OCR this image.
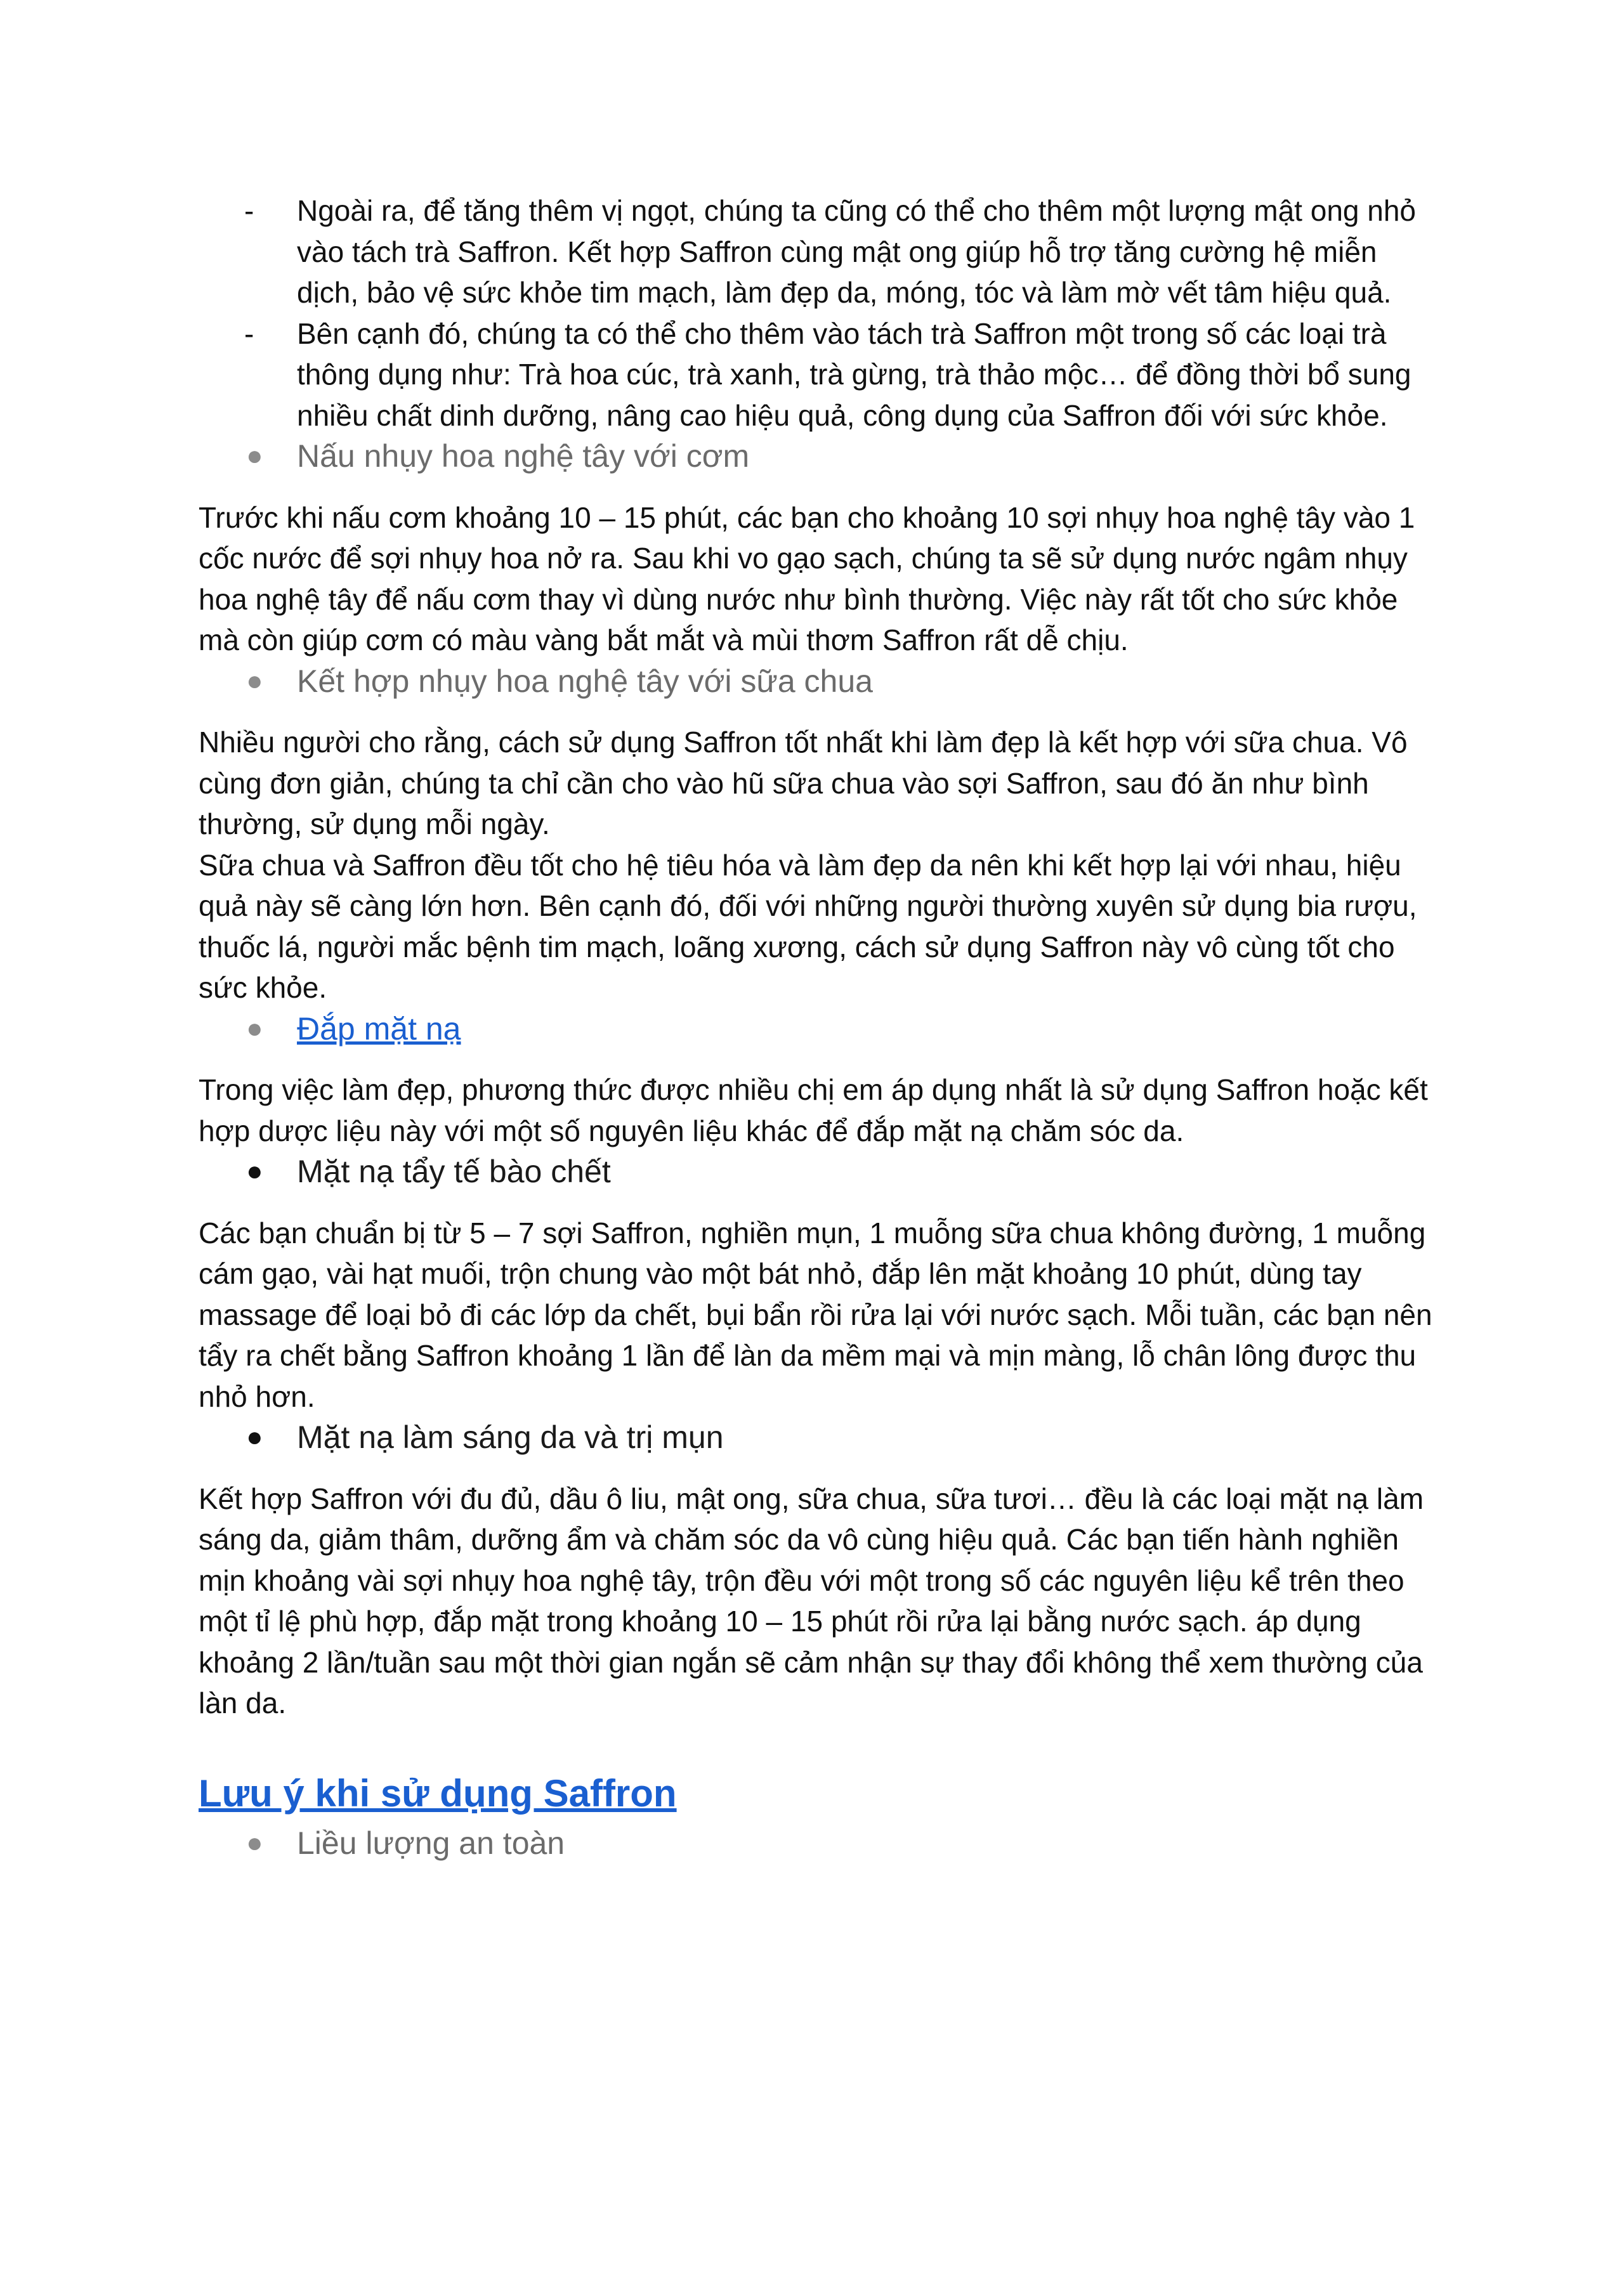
- Ngoài ra, để tăng thêm vị ngọt, chúng ta cũng có thể cho thêm một lượng mật ong nhỏ vào tách trà Saffron. Kết hợp Saffron cùng mật ong giúp hỗ trợ tăng cường hệ miễn dịch, bảo vệ sức khỏe tim mạch, làm đẹp da, móng, tóc và làm mờ vết tâm hiệu quả.
- Bên cạnh đó, chúng ta có thể cho thêm vào tách trà Saffron một trong số các loại trà thông dụng như: Trà hoa cúc, trà xanh, trà gừng, trà thảo mộc… để đồng thời bổ sung nhiều chất dinh dưỡng, nâng cao hiệu quả, công dụng của Saffron đối với sức khỏe.
● Nấu nhụy hoa nghệ tây với cơm
Trước khi nấu cơm khoảng 10 – 15 phút, các bạn cho khoảng 10 sợi nhụy hoa nghệ tây vào 1 cốc nước để sợi nhụy hoa nở ra. Sau khi vo gạo sạch, chúng ta sẽ sử dụng nước ngâm nhụy hoa nghệ tây để nấu cơm thay vì dùng nước như bình thường. Việc này rất tốt cho sức khỏe mà còn giúp cơm có màu vàng bắt mắt và mùi thơm Saffron rất dễ chịu.
● Kết hợp nhụy hoa nghệ tây với sữa chua
Nhiều người cho rằng, cách sử dụng Saffron tốt nhất khi làm đẹp là kết hợp với sữa chua. Vô cùng đơn giản, chúng ta chỉ cần cho vào hũ sữa chua vào sợi Saffron, sau đó ăn như bình thường, sử dụng mỗi ngày.
Sữa chua và Saffron đều tốt cho hệ tiêu hóa và làm đẹp da nên khi kết hợp lại với nhau, hiệu quả này sẽ càng lớn hơn. Bên cạnh đó, đối với những người thường xuyên sử dụng bia rượu, thuốc lá, người mắc bệnh tim mạch, loãng xương, cách sử dụng Saffron này vô cùng tốt cho sức khỏe.
● Đắp mặt nạ
Trong việc làm đẹp, phương thức được nhiều chị em áp dụng nhất là sử dụng Saffron hoặc kết hợp dược liệu này với một số nguyên liệu khác để đắp mặt nạ chăm sóc da.
● Mặt nạ tẩy tế bào chết
Các bạn chuẩn bị từ 5 – 7 sợi Saffron, nghiền mụn, 1 muỗng sữa chua không đường, 1 muỗng cám gạo, vài hạt muối, trộn chung vào một bát nhỏ, đắp lên mặt khoảng 10 phút, dùng tay massage để loại bỏ đi các lớp da chết, bụi bẩn rồi rửa lại với nước sạch. Mỗi tuần, các bạn nên tẩy ra chết bằng Saffron khoảng 1 lần để làn da mềm mại và mịn màng, lỗ chân lông được thu nhỏ hơn.
● Mặt nạ làm sáng da và trị mụn
Kết hợp Saffron với đu đủ, dầu ô liu, mật ong, sữa chua, sữa tươi… đều là các loại mặt nạ làm sáng da, giảm thâm, dưỡng ẩm và chăm sóc da vô cùng hiệu quả. Các bạn tiến hành nghiền mịn khoảng vài sợi nhụy hoa nghệ tây, trộn đều với một trong số các nguyên liệu kể trên theo một tỉ lệ phù hợp, đắp mặt trong khoảng 10 – 15 phút rồi rửa lại bằng nước sạch. áp dụng khoảng 2 lần/tuần sau một thời gian ngắn sẽ cảm nhận sự thay đổi không thể xem thường của làn da.
Lưu ý khi sử dụng Saffron
● Liều lượng an toàn
